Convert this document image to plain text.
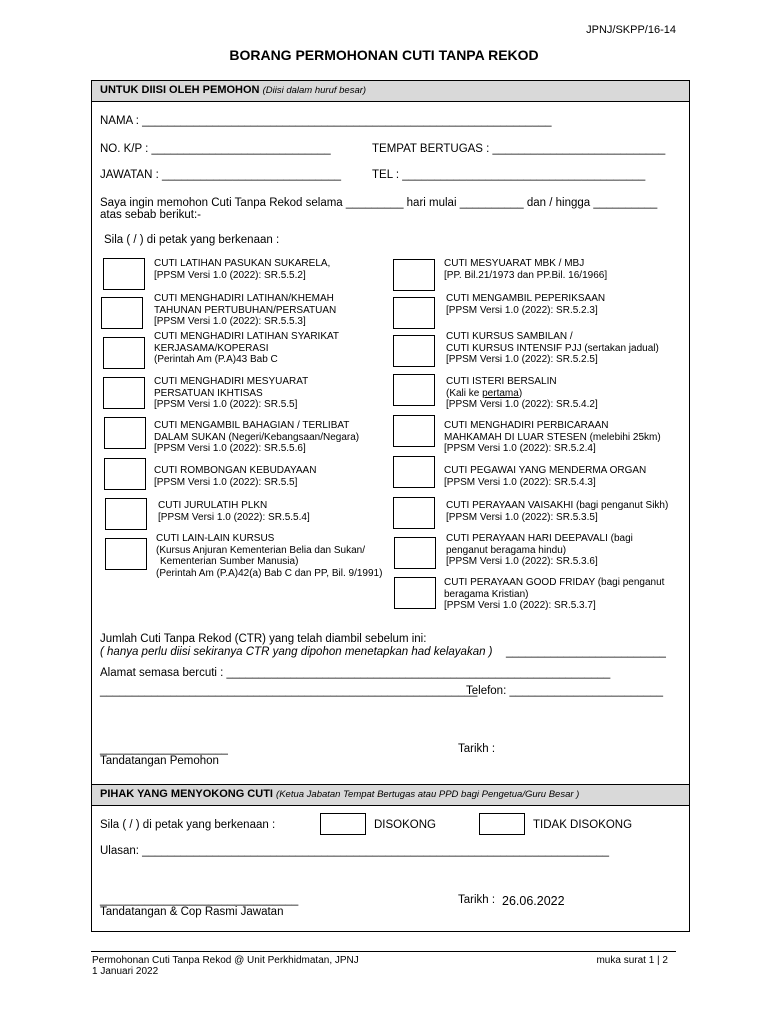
JPNJ/SKPP/16-14
BORANG PERMOHONAN CUTI TANPA REKOD
UNTUK DIISI OLEH PEMOHON (Diisi dalam huruf besar)
NAMA : ________________________________________________________________
NO. K/P : ____________________________	TEMPAT BERTUGAS : ___________________________
JAWATAN : ____________________________	TEL : ______________________________________
Saya ingin memohon Cuti Tanpa Rekod selama _________ hari mulai __________ dan / hingga __________
atas sebab berikut:-
Sila ( / ) di petak yang berkenaan :
CUTI LATIHAN PASUKAN SUKARELA,
[PPSM Versi 1.0 (2022): SR.5.5.2]
CUTI MENGHADIRI LATIHAN/KHEMAH
TAHUNAN PERTUBUHAN/PERSATUAN
[PPSM Versi 1.0 (2022): SR.5.5.3]
CUTI MENGHADIRI LATIHAN SYARIKAT
KERJASAMA/KOPERASI
(Perintah Am (P.A)43 Bab C
CUTI MENGHADIRI MESYUARAT
PERSATUAN IKHTISAS
[PPSM Versi 1.0 (2022): SR.5.5]
CUTI MENGAMBIL BAHAGIAN / TERLIBAT
DALAM SUKAN (Negeri/Kebangsaan/Negara)
[PPSM Versi 1.0 (2022): SR.5.5.6]
CUTI ROMBONGAN KEBUDAYAAN
[PPSM Versi 1.0 (2022): SR.5.5]
CUTI JURULATIH PLKN
[PPSM Versi 1.0 (2022): SR.5.5.4]
CUTI LAIN-LAIN KURSUS
(Kursus Anjuran Kementerian Belia dan Sukan/
Kementerian Sumber Manusia)
(Perintah Am (P.A)42(a) Bab C dan PP, Bil. 9/1991)
CUTI MESYUARAT MBK / MBJ
[PP. Bil.21/1973 dan PP.Bil. 16/1966]
CUTI MENGAMBIL PEPERIKSAAN
[PPSM Versi 1.0 (2022): SR.5.2.3]
CUTI KURSUS SAMBILAN /
CUTI KURSUS INTENSIF PJJ (sertakan jadual)
[PPSM Versi 1.0 (2022): SR.5.2.5]
CUTI ISTERI BERSALIN
(Kali ke pertama)
[PPSM Versi 1.0 (2022): SR.5.4.2]
CUTI MENGHADIRI PERBICARAAN
MAHKAMAH DI LUAR STESEN (melebihi 25km)
[PPSM Versi 1.0 (2022): SR.5.2.4]
CUTI PEGAWAI YANG MENDERMA ORGAN
[PPSM Versi 1.0 (2022): SR.5.4.3]
CUTI PERAYAAN VAISAKHI (bagi penganut Sikh)
[PPSM Versi 1.0 (2022): SR.5.3.5]
CUTI PERAYAAN HARI DEEPAVALI (bagi
penganut beragama hindu)
[PPSM Versi 1.0 (2022): SR.5.3.6]
CUTI PERAYAAN GOOD FRIDAY (bagi penganut
beragama Kristian)
[PPSM Versi 1.0 (2022): SR.5.3.7]
Jumlah Cuti Tanpa Rekod (CTR) yang telah diambil sebelum ini:
( hanya perlu diisi sekiranya CTR yang dipohon menetapkan had kelayakan ) _________________________
Alamat semasa bercuti : ____________________________________________________________
___________________________________________________________
Telefon: ________________________
____________________
Tandatangan Pemohon
Tarikh :
PIHAK YANG MENYOKONG CUTI (Ketua Jabatan Tempat Bertugas atau PPD bagi Pengetua/Guru Besar )
Sila ( / ) di petak yang berkenaan :	DISOKONG	TIDAK DISOKONG
Ulasan: _________________________________________________________________________
_______________________________
Tandatangan & Cop Rasmi Jawatan
Tarikh : 26.06.2022
Permohonan Cuti Tanpa Rekod @ Unit Perkhidmatan, JPNJ
1 Januari 2022
muka surat 1 | 2
